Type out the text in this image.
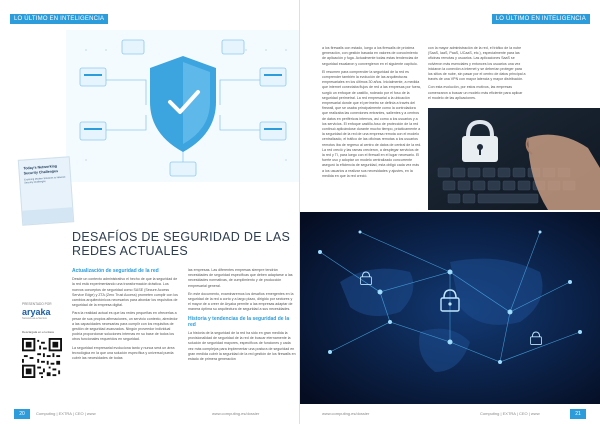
LO ÚLTIMO EN INTELIGENCIA
Today's Networking Security Challenges
Exploring Modern Solutions to Network Security Challenges
DESAFÍOS DE SEGURIDAD DE LAS REDES ACTUALES
Actualización de seguridad de la red

Desde un contexto administrativo el hecho de que la seguridad de la red está experimentando una transformación drástica. Los nuevos conceptos de seguridad como SASE (Secure Access Service Edge) y ZTA (Zero Trust Access) prometen cumplir con los cambios arquitectónicos necesarios para abordar los requisitos de seguridad de la empresa digital.

Para la realidad actual es que las redes pequeñas en ofrecerlas a pesar de sus propios afirmaciones, un servicio contexto, alrededor a las capacidades necesarias para cumplir con los requisitos de gestión de seguridad avanzados. Ningún proveedor individual podría proporcionar soluciones internas en su base de todos los otros funcionales requeridos en seguridad.

La seguridad empresarial evoluciona tanto y nunca será un área tecnológica en la que una solución específica y universal pueda cubrir las necesidades de todas

las empresas. Las diferentes empresas siempre tendrán necesidades de seguridad específicas que deben adaptarse a las necesidades normativas, de cumplimiento y de producción empresarial general.

En este documento, examinaremos los desafíos emergentes en la seguridad de la red a corto y a largo plazo, dirigido por sectores y el mayor de a creer de Aryaka permite a las empresas adaptar de manera óptima su arquitectura de seguridad a sus necesidades.

Historia y tendencias de la seguridad de la red

La historia de la seguridad de la red ha sido en gran medida la provisionalidad de seguridad de la red de buscar eternamente la solución de seguridad mayores, específicos de funciones y cada vez más complejos para implementar una postura de seguridad en gran medida cubrir la seguridad de la red gestión de los firewalls en estado de primera generación

PRESENTADO POR
aryaka
Network-as-a-Service
Descárgala en el enlace
20	Computing | EXTRA | CEO | www	www.computing.es/dossier
LO ÚLTIMO EN INTELIGENCIA

a los firewalls con estado, luego a los firewalls de próxima generación, con gestión basada en valores de conocimiento de aplicación y fuga. Actualmente todas estas tendencias de seguridad escalaron y convergieron en el siguiente capítulo.

El resumen para comprender la seguridad de la red es comprender también la evolución de las arquitecturas empresariales en los últimos 30 años. Inicialmente, a medida que internet conectaba flujos de red a las empresas por fuera, surgió un enfoque de castillo, rodeado por el foso de la seguridad perimetral. La red empresarial a la ubicación empresarial donde que el perímetro se definía a través del firewall, que se usaba principalmente como la controladora que realizaba las conexiones entrantes, salientes y a centros de datos en periféricos internos, así como a los usuarios y a los servicios. El enfoque castillo-foso de protección de la red continuó aplicándose durante mucho tiempo, prácticamente a la seguridad de la red de una empresa remota con el modelo centralizado, el tráfico de las oficinas remotas a los usuarios remotos iba de regreso al centro de datos de central de la red. La red creció y las ramas crecieron, a desplegar servicios de la red y TI, para luego con el firewall en el lugar necesario. El fuerte uso y adoptar un modelo centralizado concurrente aseguró la eficiencia de seguridad, esta obligó cada vez más a los usuarios a realizar sus necesidades y ajustes, en la medida en que la red creció.

con la mayor administración de la red, el tráfico de la nube (SaaS, IaaS, PaaS, UCaaS, etc.), especialmente para las oficinas remotas y usuarios. Las aplicaciones SaaS se volvieron más esenciales y entonces los usuarios una vez iniciaron la conexión a internet y se deberían proteger para los sitios de nube, sin pasar por el centro de datos principal a través de una VPN con mayor latencia y mayor distribución.

Con esta evolución, por estos motivos, las empresas comenzaron a buscar un modelo más eficiente para aplicar el modelo de las aplicaciones.

www.computing.es/dossier	Computing | EXTRA | CEO | www	21
